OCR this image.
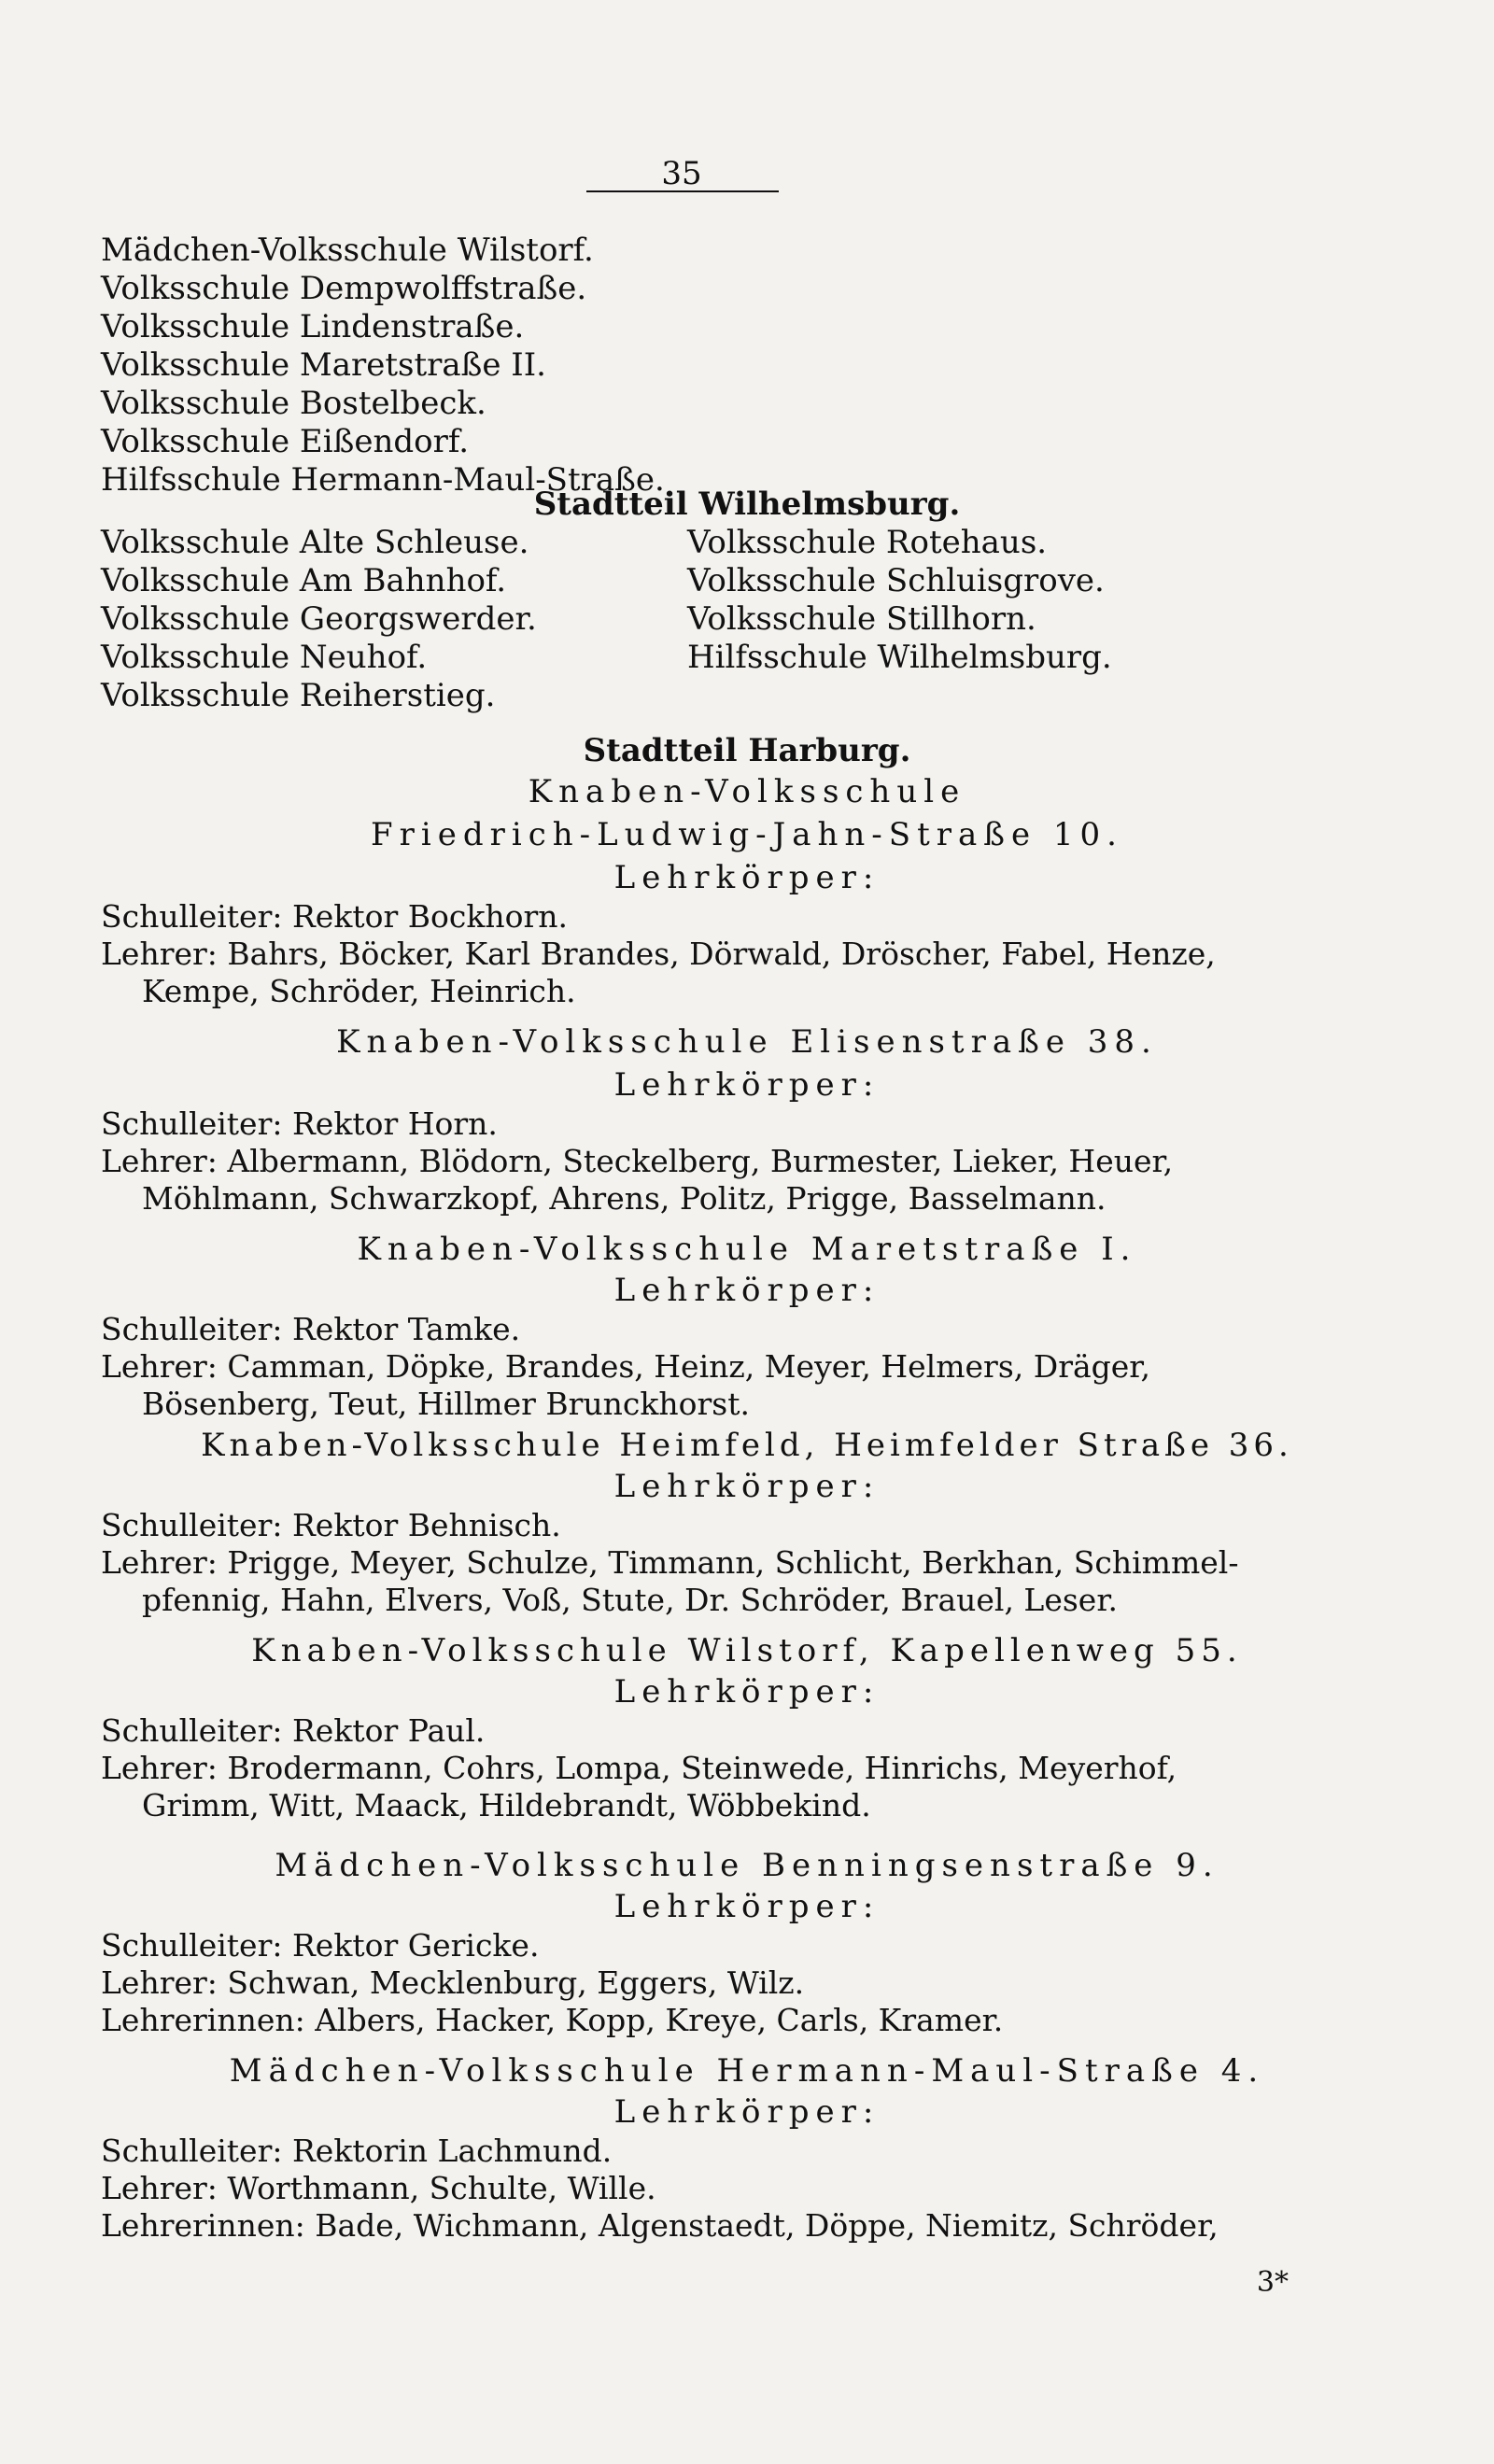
35
Mädchen-Volksschule Wilstorf.
Volksschule Dempwolffstraße.
Volksschule Lindenstraße.
Volksschule Maretstraße II.
Volksschule Bostelbeck.
Volksschule Eißendorf.
Hilfsschule Hermann-Maul-Straße.
Stadtteil Wilhelmsburg.
Volksschule Alte Schleuse.
Volksschule Am Bahnhof.
Volksschule Georgswerder.
Volksschule Neuhof.
Volksschule Reiherstieg.
Volksschule Rotehaus.
Volksschule Schluisgrove.
Volksschule Stillhorn.
Hilfsschule Wilhelmsburg.
Stadtteil Harburg.
Knaben-Volksschule
Friedrich-Ludwig-Jahn-Straße 10.
Lehrkörper:
Schulleiter: Rektor Bockhorn.
Lehrer: Bahrs, Böcker, Karl Brandes, Dörwald, Dröscher, Fabel, Henze,
Kempe, Schröder, Heinrich.
Knaben-Volksschule Elisenstraße 38.
Lehrkörper:
Schulleiter: Rektor Horn.
Lehrer: Albermann, Blödorn, Steckelberg, Burmester, Lieker, Heuer,
Möhlmann, Schwarzkopf, Ahrens, Politz, Prigge, Basselmann.
Knaben-Volksschule Maretstraße I.
Lehrkörper:
Schulleiter: Rektor Tamke.
Lehrer: Camman, Döpke, Brandes, Heinz, Meyer, Helmers, Dräger,
Bösenberg, Teut, Hillmer Brunckhorst.
Knaben-Volksschule Heimfeld, Heimfelder Straße 36.
Lehrkörper:
Schulleiter: Rektor Behnisch.
Lehrer: Prigge, Meyer, Schulze, Timmann, Schlicht, Berkhan, Schimmel-
pfennig, Hahn, Elvers, Voß, Stute, Dr. Schröder, Brauel, Leser.
Knaben-Volksschule Wilstorf, Kapellenweg 55.
Lehrkörper:
Schulleiter: Rektor Paul.
Lehrer: Brodermann, Cohrs, Lompa, Steinwede, Hinrichs, Meyerhof,
Grimm, Witt, Maack, Hildebrandt, Wöbbekind.
Mädchen-Volksschule Benningsenstraße 9.
Lehrkörper:
Schulleiter: Rektor Gericke.
Lehrer: Schwan, Mecklenburg, Eggers, Wilz.
Lehrerinnen: Albers, Hacker, Kopp, Kreye, Carls, Kramer.
Mädchen-Volksschule Hermann-Maul-Straße 4.
Lehrkörper:
Schulleiter: Rektorin Lachmund.
Lehrer: Worthmann, Schulte, Wille.
Lehrerinnen: Bade, Wichmann, Algenstaedt, Döppe, Niemitz, Schröder,
3*
